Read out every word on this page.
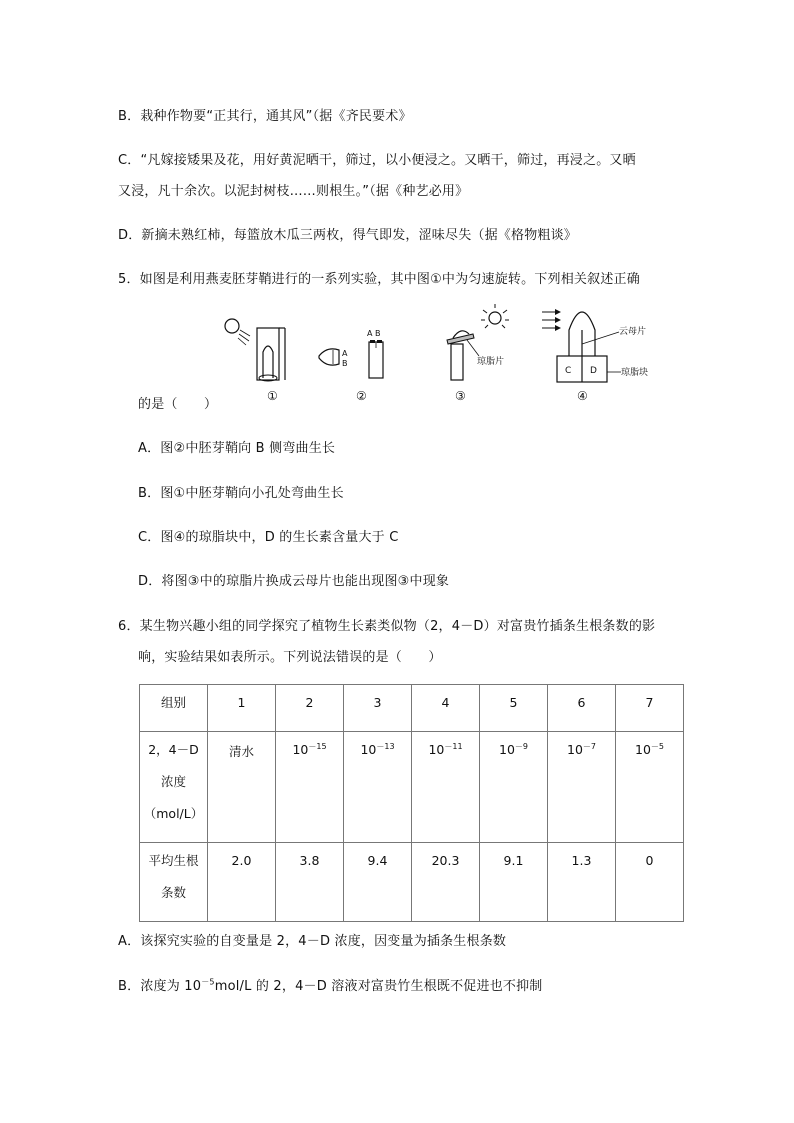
B．栽种作物要“正其行，通其风”（据《齐民要术》
C．“凡嫁接矮果及花，用好黄泥晒干，筛过，以小便浸之。又晒干，筛过，再浸之。又晒
又浸，凡十余次。以泥封树枝……则根生。”（据《种艺必用》
D．新摘未熟红柿，每篮放木瓜三两枚，得气即发，涩味尽失（据《格物粗谈》
5．如图是利用燕麦胚芽鞘进行的一系列实验，其中图①中为匀速旋转。下列相关叙述正确
①
A
B
A B
②
琼脂片
③
C D
云母片
琼脂块
④
的是（　　）
A．图②中胚芽鞘向 B 侧弯曲生长
B．图①中胚芽鞘向小孔处弯曲生长
C．图④的琼脂块中，D 的生长素含量大于 C
D．将图③中的琼脂片换成云母片也能出现图③中现象
6．某生物兴趣小组的同学探究了植物生长素类似物（2，4－D）对富贵竹插条生根条数的影
响，实验结果如表所示。下列说法错误的是（　　）
组别	1	2	3	4	5	6	7

2，4－D
浓度
（mol/L）	清水	$10^{-15}$	$10^{-13}$	$10^{-11}$	$10^{-9}$	$10^{-7}$	$10^{-5}$

平均生根
条数	2.0	3.8	9.4	20.3	9.1	1.3	0
A．该探究实验的自变量是 2，4－D 浓度，因变量为插条生根条数
B．浓度为 $10^{-5}mol/L$ 的 2，4－D 溶液对富贵竹生根既不促进也不抑制
